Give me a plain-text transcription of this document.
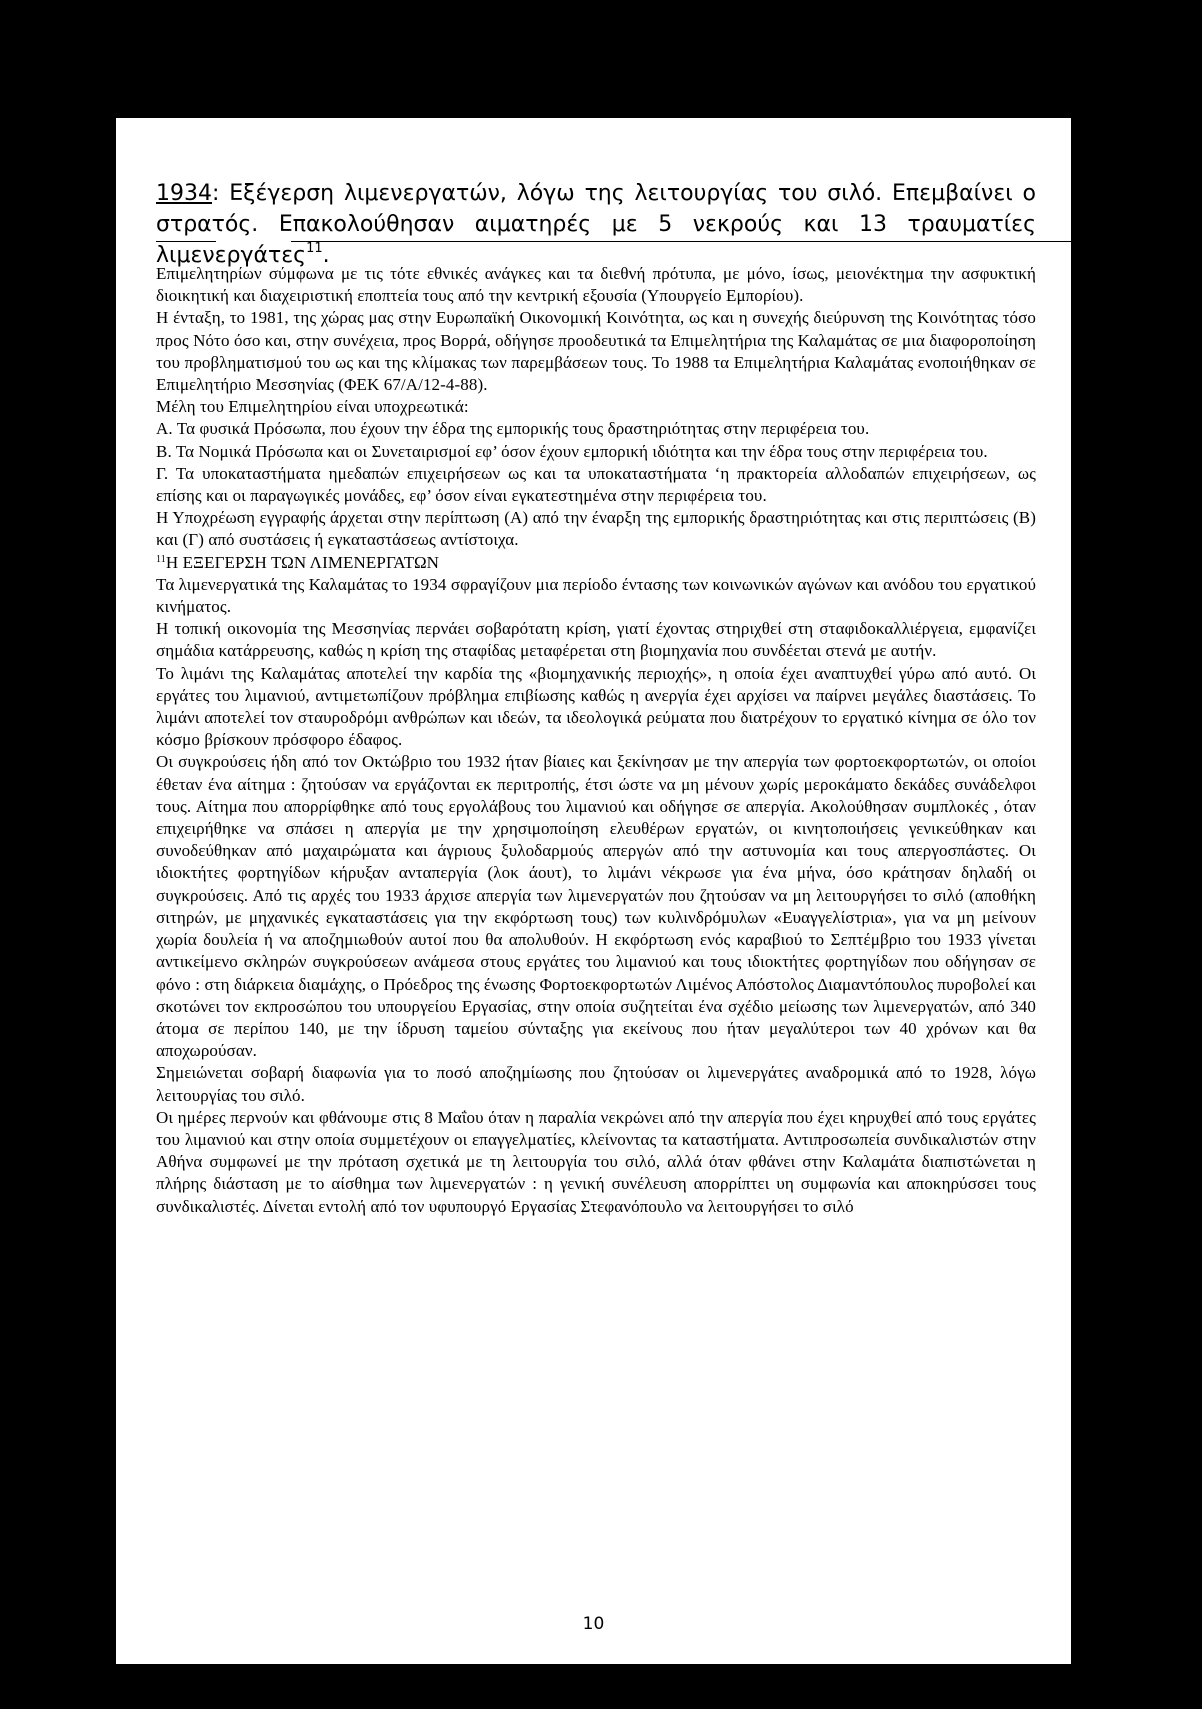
1934: Εξέγερση λιμενεργατών, λόγω της λειτουργίας του σιλό. Επεμβαίνει ο
στρατός. Επακολούθησαν αιματηρές με 5 νεκρούς και 13 τραυματίες λιμενεργάτες$^{11}$.

Επιμελητηρίων σύμφωνα με τις τότε εθνικές ανάγκες και τα διεθνή πρότυπα, με μόνο, ίσως, μειονέκτημα την ασφυκτική διοικητική και διαχειριστική εποπτεία τους από την κεντρική εξουσία (Υπουργείο Εμπορίου).

Η ένταξη, το 1981, της χώρας μας στην Ευρωπαϊκή Οικονομική Κοινότητα, ως και η συνεχής διεύρυνση της Κοινότητας τόσο προς Νότο όσο και, στην συνέχεια, προς Βορρά, οδήγησε προοδευτικά τα Επιμελητήρια της Καλαμάτας σε μια διαφοροποίηση του προβληματισμού του ως και της κλίμακας των παρεμβάσεων τους. Το 1988 τα Επιμελητήρια Καλαμάτας ενοποιήθηκαν σε Επιμελητήριο Μεσσηνίας (ΦΕΚ 67/Α/12-4-88).

Μέλη του Επιμελητηρίου είναι υποχρεωτικά:

Α. Τα φυσικά Πρόσωπα, που έχουν την έδρα της εμπορικής τους δραστηριότητας στην περιφέρεια του.

Β. Τα Νομικά Πρόσωπα και οι Συνεταιρισμοί εφ’ όσον έχουν εμπορική ιδιότητα και την έδρα τους στην περιφέρεια του.

Γ. Τα υποκαταστήματα ημεδαπών επιχειρήσεων ως και τα υποκαταστήματα ‘η πρακτορεία αλλοδαπών επιχειρήσεων, ως επίσης και οι παραγωγικές μονάδες, εφ’ όσον είναι εγκατεστημένα στην περιφέρεια του.

Η Υποχρέωση εγγραφής άρχεται στην περίπτωση (Α) από την έναρξη της εμπορικής δραστηριότητας και στις περιπτώσεις (Β) και (Γ) από συστάσεις ή εγκαταστάσεως αντίστοιχα.

$^{11}$Η ΕΞΕΓΕΡΣΗ ΤΩΝ ΛΙΜΕΝΕΡΓΑΤΩΝ

Τα λιμενεργατικά της Καλαμάτας το 1934 σφραγίζουν μια περίοδο έντασης των κοινωνικών αγώνων και ανόδου του εργατικού κινήματος.

Η τοπική οικονομία της Μεσσηνίας περνάει σοβαρότατη κρίση, γιατί έχοντας στηριχθεί στη σταφιδοκαλλιέργεια, εμφανίζει σημάδια κατάρρευσης, καθώς η κρίση της σταφίδας μεταφέρεται στη βιομηχανία που συνδέεται στενά με αυτήν.

Το λιμάνι της Καλαμάτας αποτελεί την καρδία της «βιομηχανικής περιοχής», η οποία έχει αναπτυχθεί γύρω από αυτό. Οι εργάτες του λιμανιού, αντιμετωπίζουν πρόβλημα επιβίωσης καθώς η ανεργία έχει αρχίσει να παίρνει μεγάλες διαστάσεις. Το λιμάνι αποτελεί τον σταυροδρόμι ανθρώπων και ιδεών, τα ιδεολογικά ρεύματα που διατρέχουν το εργατικό κίνημα σε όλο τον κόσμο βρίσκουν πρόσφορο έδαφος.

Οι συγκρούσεις ήδη από τον Οκτώβριο του 1932 ήταν βίαιες και ξεκίνησαν με την απεργία των φορτοεκφορτωτών, οι οποίοι έθεταν ένα αίτημα : ζητούσαν να εργάζονται εκ περιτροπής, έτσι ώστε να μη μένουν χωρίς μεροκάματο δεκάδες συνάδελφοι τους. Αίτημα που απορρίφθηκε από τους εργολάβους του λιμανιού και οδήγησε σε απεργία. Ακολούθησαν συμπλοκές , όταν επιχειρήθηκε να σπάσει η απεργία με την χρησιμοποίηση ελευθέρων εργατών, οι κινητοποιήσεις γενικεύθηκαν και συνοδεύθηκαν από μαχαιρώματα και άγριους ξυλοδαρμούς απεργών από την αστυνομία και τους απεργοσπάστες. Οι ιδιοκτήτες φορτηγίδων κήρυξαν ανταπεργία (λοκ άουτ), το λιμάνι νέκρωσε για ένα μήνα, όσο κράτησαν δηλαδή οι συγκρούσεις. Από τις αρχές του 1933 άρχισε απεργία των λιμενεργατών που ζητούσαν να μη λειτουργήσει το σιλό (αποθήκη σιτηρών, με μηχανικές εγκαταστάσεις για την εκφόρτωση τους) των κυλινδρόμυλων «Ευαγγελίστρια», για να μη μείνουν χωρία δουλεία ή να αποζημιωθούν αυτοί που θα απολυθούν. Η εκφόρτωση ενός καραβιού το Σεπτέμβριο του 1933 γίνεται αντικείμενο σκληρών συγκρούσεων ανάμεσα στους εργάτες του λιμανιού και τους ιδιοκτήτες φορτηγίδων που οδήγησαν σε φόνο : στη διάρκεια διαμάχης, ο Πρόεδρος της ένωσης Φορτοεκφορτωτών Λιμένος Απόστολος Διαμαντόπουλος πυροβολεί και σκοτώνει τον εκπροσώπου του υπουργείου Εργασίας, στην οποία συζητείται ένα σχέδιο μείωσης των λιμενεργατών, από 340 άτομα σε περίπου 140, με την ίδρυση ταμείου σύνταξης για εκείνους που ήταν μεγαλύτεροι των 40 χρόνων και θα αποχωρούσαν.

Σημειώνεται σοβαρή διαφωνία για το ποσό αποζημίωσης που ζητούσαν οι λιμενεργάτες αναδρομικά από το 1928, λόγω λειτουργίας του σιλό.

Οι ημέρες περνούν και φθάνουμε στις 8 Μαΐου όταν η παραλία νεκρώνει από την απεργία που έχει κηρυχθεί από τους εργάτες του λιμανιού και στην οποία συμμετέχουν οι επαγγελματίες, κλείνοντας τα καταστήματα. Αντιπροσωπεία συνδικαλιστών στην Αθήνα συμφωνεί με την πρόταση σχετικά με τη λειτουργία του σιλό, αλλά όταν φθάνει στην Καλαμάτα διαπιστώνεται η πλήρης διάσταση με το αίσθημα των λιμενεργατών : η γενική συνέλευση απορρίπτει υη συμφωνία και αποκηρύσσει τους συνδικαλιστές. Δίνεται εντολή από τον υφυπουργό Εργασίας Στεφανόπουλο να λειτουργήσει το σιλό

10
